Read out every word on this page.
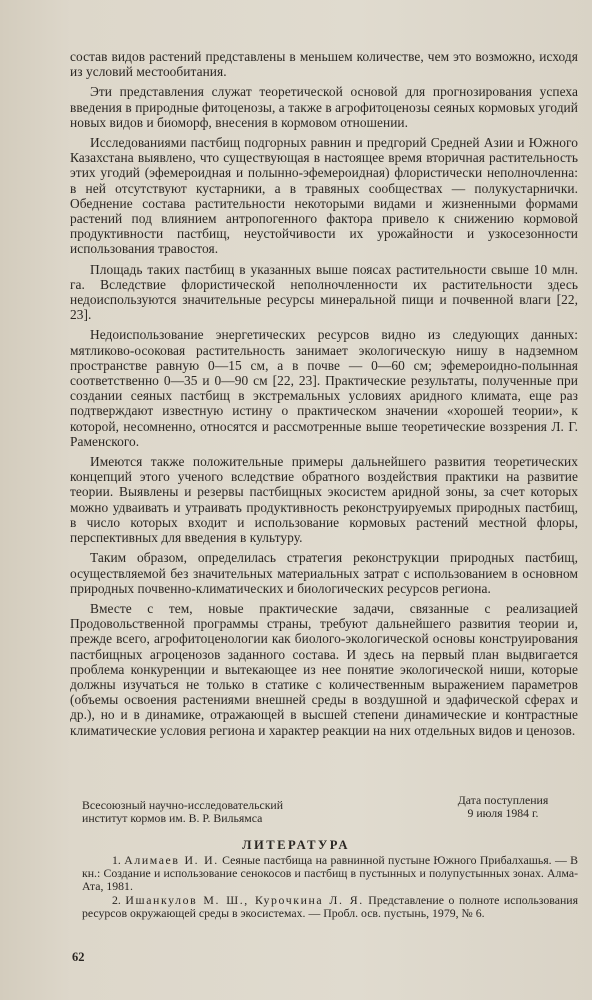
состав видов растений представлены в меньшем количестве, чем это возможно, исходя из условий местообитания.

Эти представления служат теоретической основой для прогнозирования успеха введения в природные фитоценозы, а также в агрофитоценозы сеяных кормовых угодий новых видов и биоморф, внесения в кормовом отношении.

Исследованиями пастбищ подгорных равнин и предгорий Средней Азии и Южного Казахстана выявлено, что существующая в настоящее время вторичная растительность этих угодий (эфемероидная и полынно-эфемероидная) флористически неполночленна: в ней отсутствуют кустарники, а в травяных сообществах — полукустарнички. Обеднение состава растительности некоторыми видами и жизненными формами растений под влиянием антропогенного фактора привело к снижению кормовой продуктивности пастбищ, неустойчивости их урожайности и узкосезонности использования травостоя.

Площадь таких пастбищ в указанных выше поясах растительности свыше 10 млн. га. Вследствие флористической неполночленности их растительности здесь недоиспользуются значительные ресурсы минеральной пищи и почвенной влаги [22, 23].

Недоиспользование энергетических ресурсов видно из следующих данных: мятликово-осоковая растительность занимает экологическую нишу в надземном пространстве равную 0—15 см, а в почве — 0—60 см; эфемероидно-полынная соответственно 0—35 и 0—90 см [22, 23]. Практические результаты, полученные при создании сеяных пастбищ в экстремальных условиях аридного климата, еще раз подтверждают известную истину о практическом значении «хорошей теории», к которой, несомненно, относятся и рассмотренные выше теоретические воззрения Л. Г. Раменского.

Имеются также положительные примеры дальнейшего развития теоретических концепций этого ученого вследствие обратного воздействия практики на развитие теории. Выявлены и резервы пастбищных экосистем аридной зоны, за счет которых можно удваивать и утраивать продуктивность реконструируемых природных пастбищ, в число которых входит и использование кормовых растений местной флоры, перспективных для введения в культуру.

Таким образом, определилась стратегия реконструкции природных пастбищ, осуществляемой без значительных материальных затрат с использованием в основном природных почвенно-климатических и биологических ресурсов региона.

Вместе с тем, новые практические задачи, связанные с реализацией Продовольственной программы страны, требуют дальнейшего развития теории и, прежде всего, агрофитоценологии как биолого-экологической основы конструирования пастбищных агроценозов заданного состава. И здесь на первый план выдвигается проблема конкуренции и вытекающее из нее понятие экологической ниши, которые должны изучаться не только в статике с количественным выражением параметров (объемы освоения растениями внешней среды в воздушной и эдафической сферах и др.), но и в динамике, отражающей в высшей степени динамические и контрастные климатические условия региона и характер реакции на них отдельных видов и ценозов.

Всесоюзный научно-исследовательский
институт кормов им. В. Р. Вильямса
Дата поступления
9 июля 1984 г.
ЛИТЕРАТУРА

1. Алимаев И. И. Сеяные пастбища на равнинной пустыне Южного Прибалхашья. — В кн.: Создание и использование сенокосов и пастбищ в пустынных и полупустынных зонах. Алма-Ата, 1981.

2. Ишанкулов М. Ш., Курочкина Л. Я. Представление о полноте использования ресурсов окружающей среды в экосистемах. — Пробл. осв. пустынь, 1979, № 6.

62
